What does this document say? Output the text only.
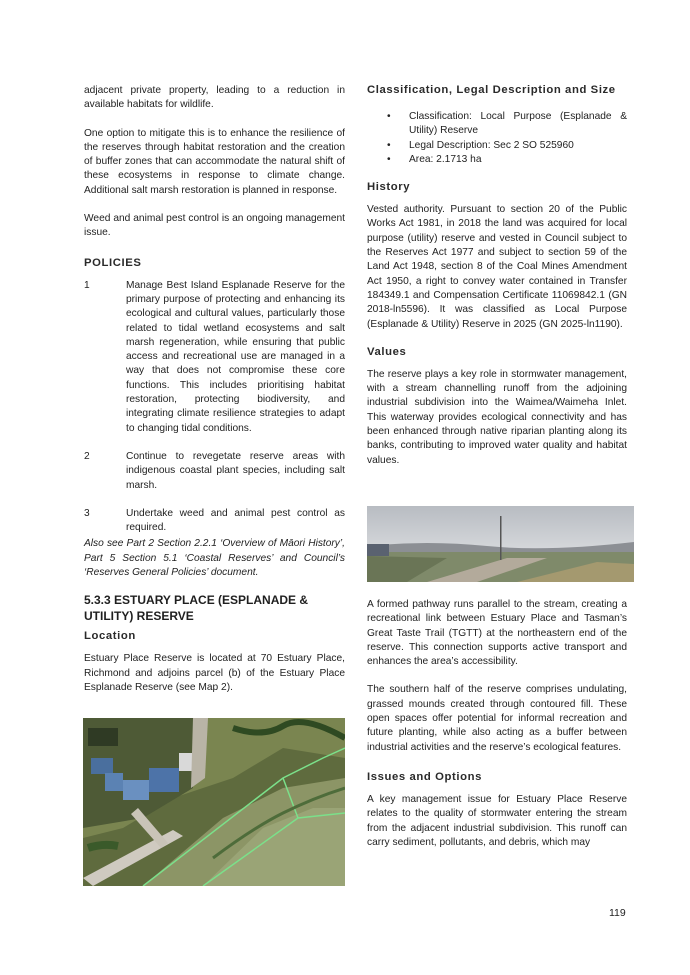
adjacent private property, leading to a reduction in available habitats for wildlife.

One option to mitigate this is to enhance the resilience of the reserves through habitat restoration and the creation of buffer zones that can accommodate the natural shift of these ecosystems in response to climate change. Additional salt marsh restoration is planned in response.

Weed and animal pest control is an ongoing management issue.

POLICIES
1	Manage Best Island Esplanade Reserve for the primary purpose of protecting and enhancing its ecological and cultural values, particularly those related to tidal wetland ecosystems and salt marsh regeneration, while ensuring that public access and recreational use are managed in a way that does not compromise these core functions. This includes prioritising habitat restoration, protecting biodiversity, and integrating climate resilience strategies to adapt to changing tidal conditions.
2	Continue to revegetate reserve areas with indigenous coastal plant species, including salt marsh.
3	Undertake weed and animal pest control as required.

Also see Part 2 Section 2.2.1 ‘Overview of Māori History’, Part 5 Section 5.1 ‘Coastal Reserves’ and Council’s ‘Reserves General Policies’ document.

5.3.3 ESTUARY PLACE (ESPLANADE & UTILITY) RESERVE
Location

Estuary Place Reserve is located at 70 Estuary Place, Richmond and adjoins parcel (b) of the Estuary Place Esplanade Reserve (see Map 2).

Classification, Legal Description and Size
• Classification: Local Purpose (Esplanade & Utility) Reserve
• Legal Description: Sec 2 SO 525960
• Area: 2.1713 ha
History

Vested authority. Pursuant to section 20 of the Public Works Act 1981, in 2018 the land was acquired for local purpose (utility) reserve and vested in Council subject to the Reserves Act 1977 and subject to section 59 of the Land Act 1948, section 8 of the Coal Mines Amendment Act 1950, a right to convey water contained in Transfer 184349.1 and Compensation Certificate 11069842.1 (GN 2018-ln5596). It was classified as Local Purpose (Esplanade & Utility) Reserve in 2025 (GN 2025-ln1190).

Values

The reserve plays a key role in stormwater management, with a stream channelling runoff from the adjoining industrial subdivision into the Waimea/Waimeha Inlet. This waterway provides ecological connectivity and has been enhanced through native riparian planting along its banks, contributing to improved water quality and habitat values.

A formed pathway runs parallel to the stream, creating a recreational link between Estuary Place and Tasman’s Great Taste Trail (TGTT) at the northeastern end of the reserve. This connection supports active transport and enhances the area’s accessibility.

The southern half of the reserve comprises undulating, grassed mounds created through contoured fill. These open spaces offer potential for informal recreation and future planting, while also acting as a buffer between industrial activities and the reserve’s ecological features.

Issues and Options

A key management issue for Estuary Place Reserve relates to the quality of stormwater entering the stream from the adjacent industrial subdivision. This runoff can carry sediment, pollutants, and debris, which may

119
